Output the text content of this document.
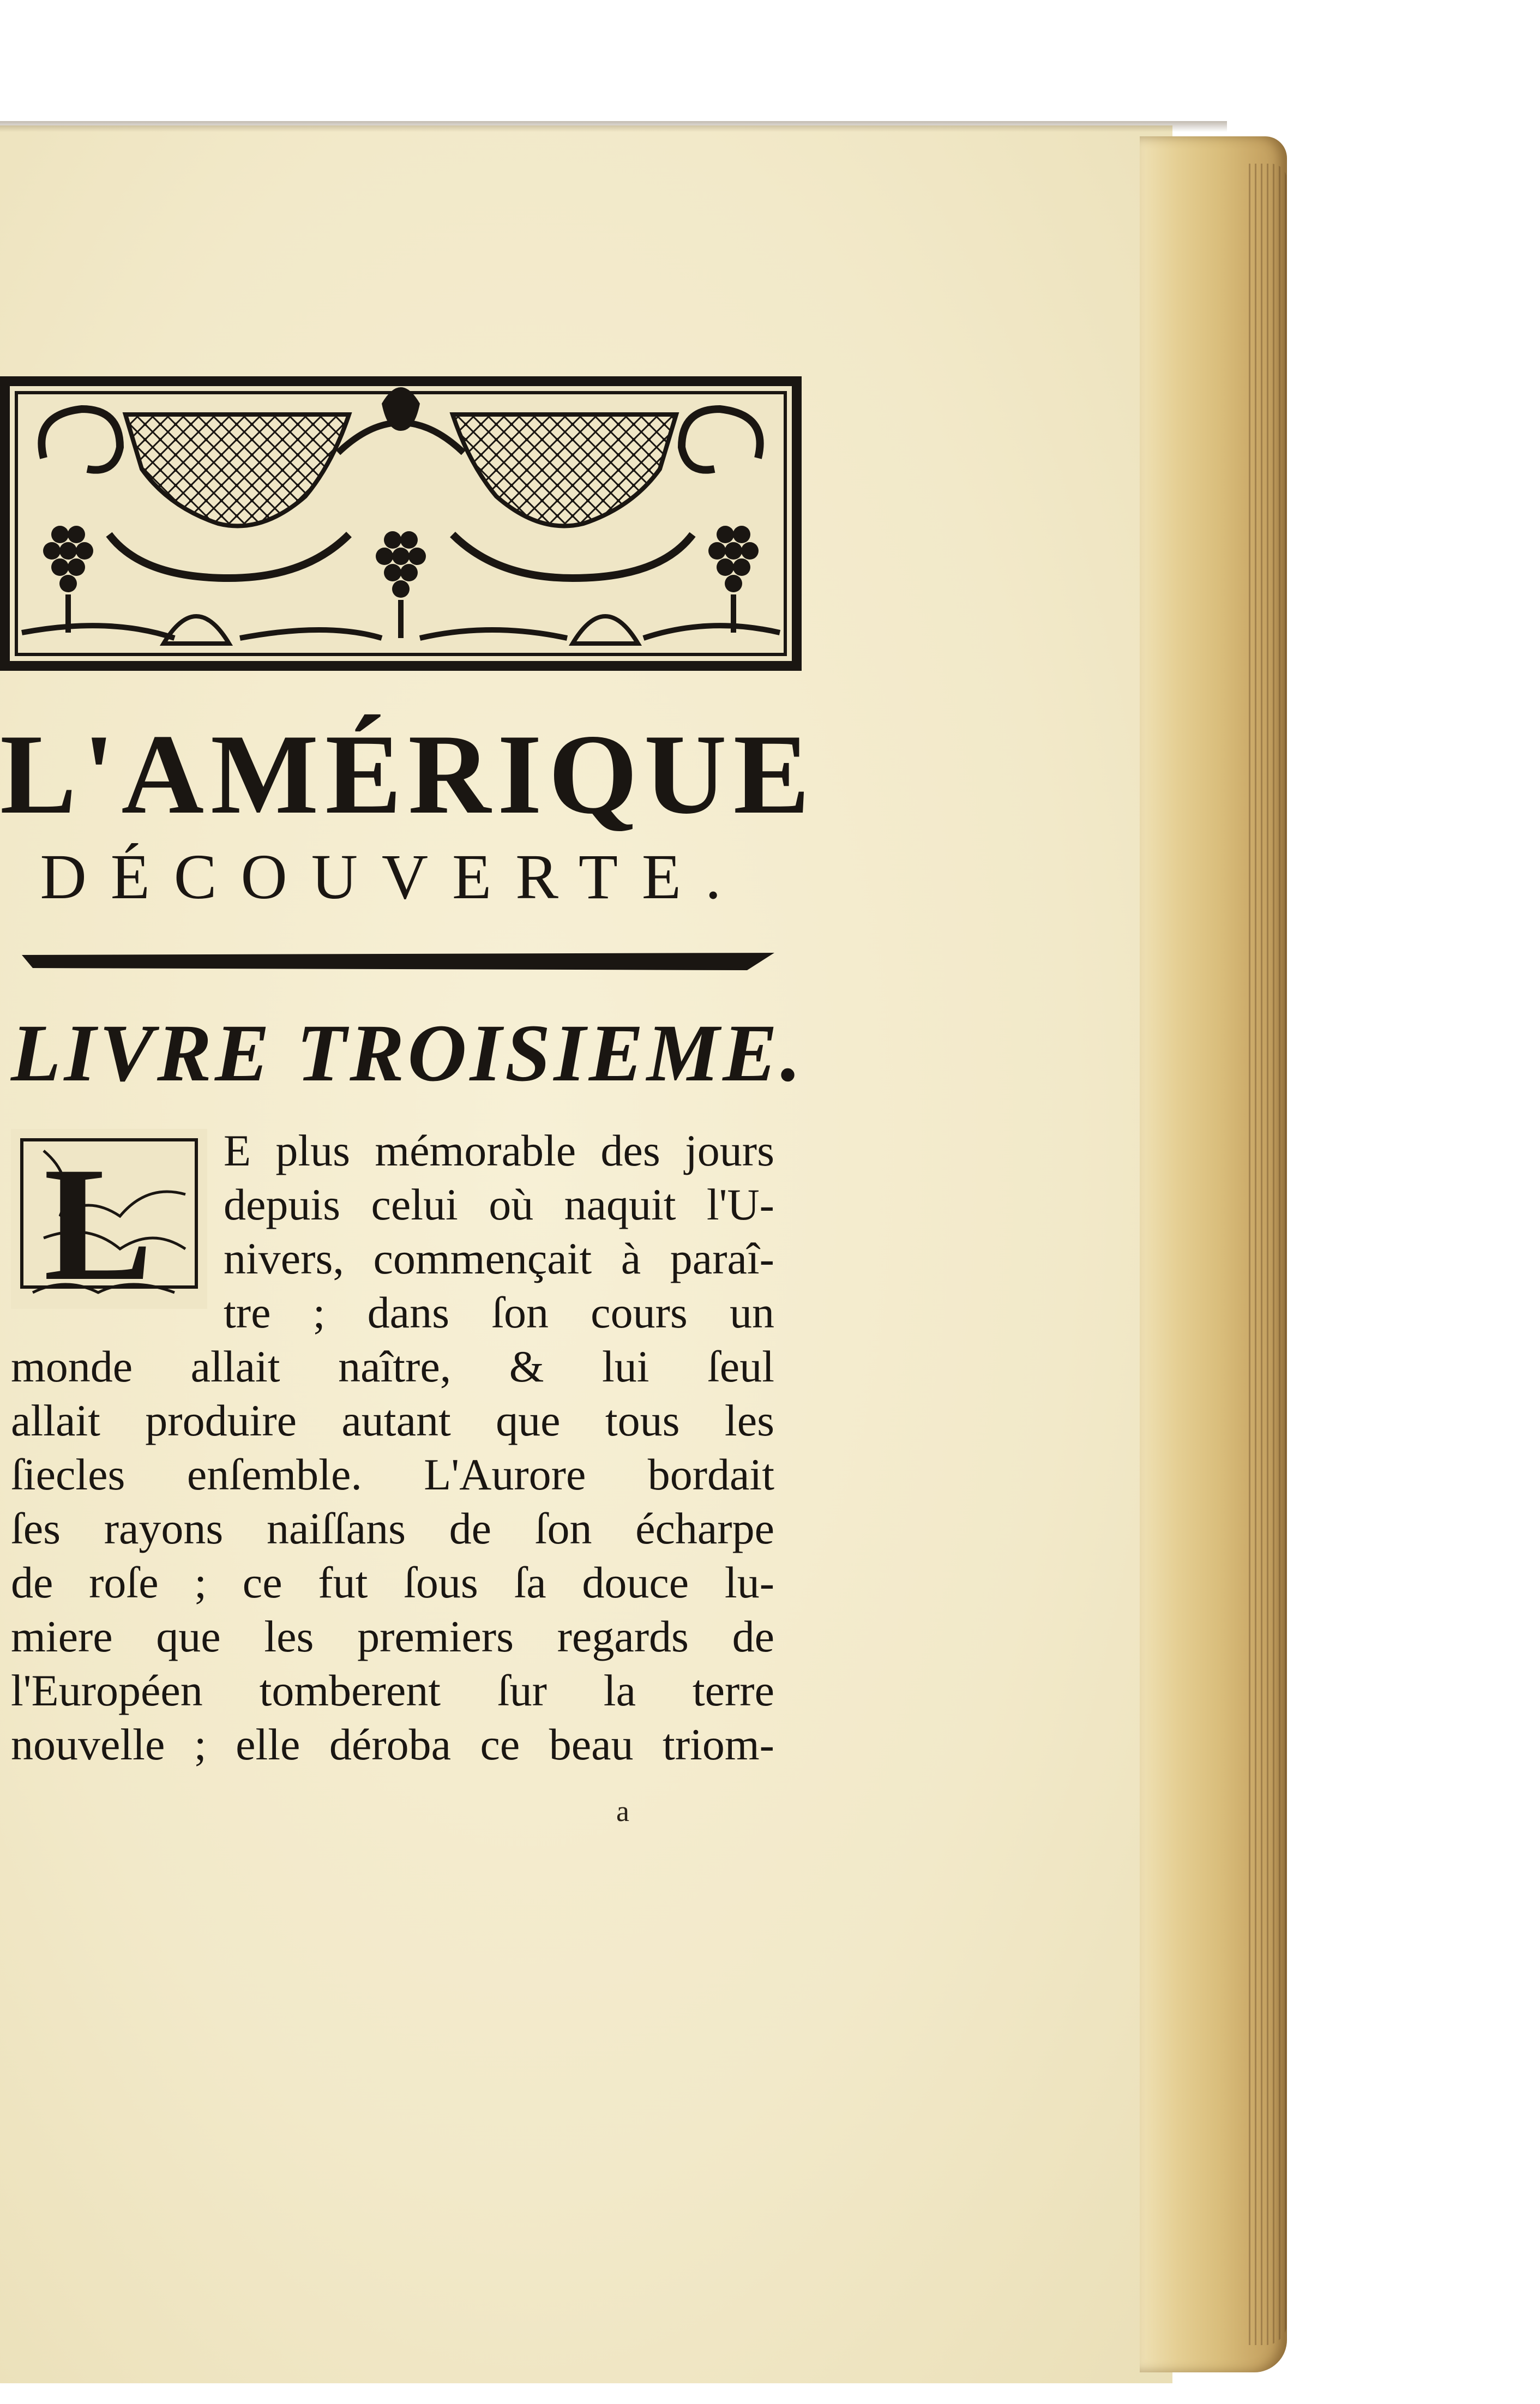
L'AMÉRIQUE
DÉCOUVERTE.
LIVRE TROISIEME.
L E plus mémorable des jours
depuis celui où naquit l'U-
nivers, commençait à paraî-
tre ; dans ſon cours un
monde allait naître, & lui ſeul
allait produire autant que tous les
ſiecles enſemble. L'Aurore bordait
ſes rayons naiſſans de ſon écharpe
de roſe ; ce fut ſous ſa douce lu-
miere que les premiers regards de
l'Européen tomberent ſur la terre
nouvelle ; elle déroba ce beau triom-
a
